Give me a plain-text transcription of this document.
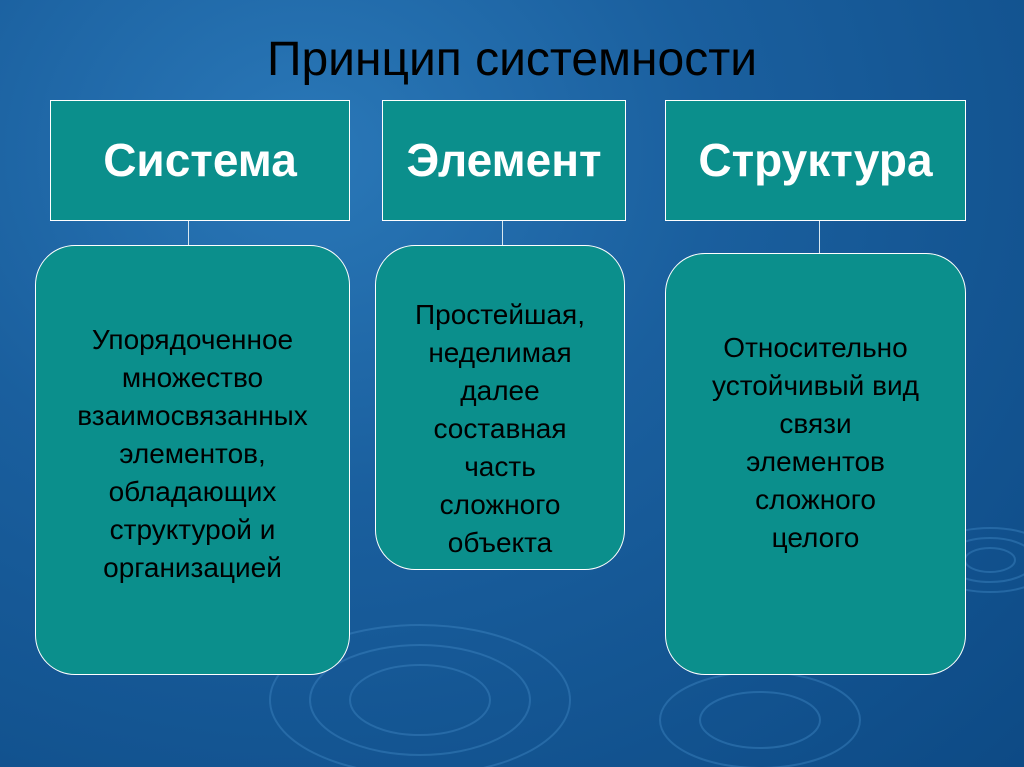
Принцип системности
Система

Упорядоченное
множество
взаимосвязанных
элементов,
обладающих
структурой и
организацией

Элемент

Простейшая,
неделимая
далее
составная
часть
сложного
объекта

Структура

Относительно
устойчивый вид
связи
элементов
сложного
целого
